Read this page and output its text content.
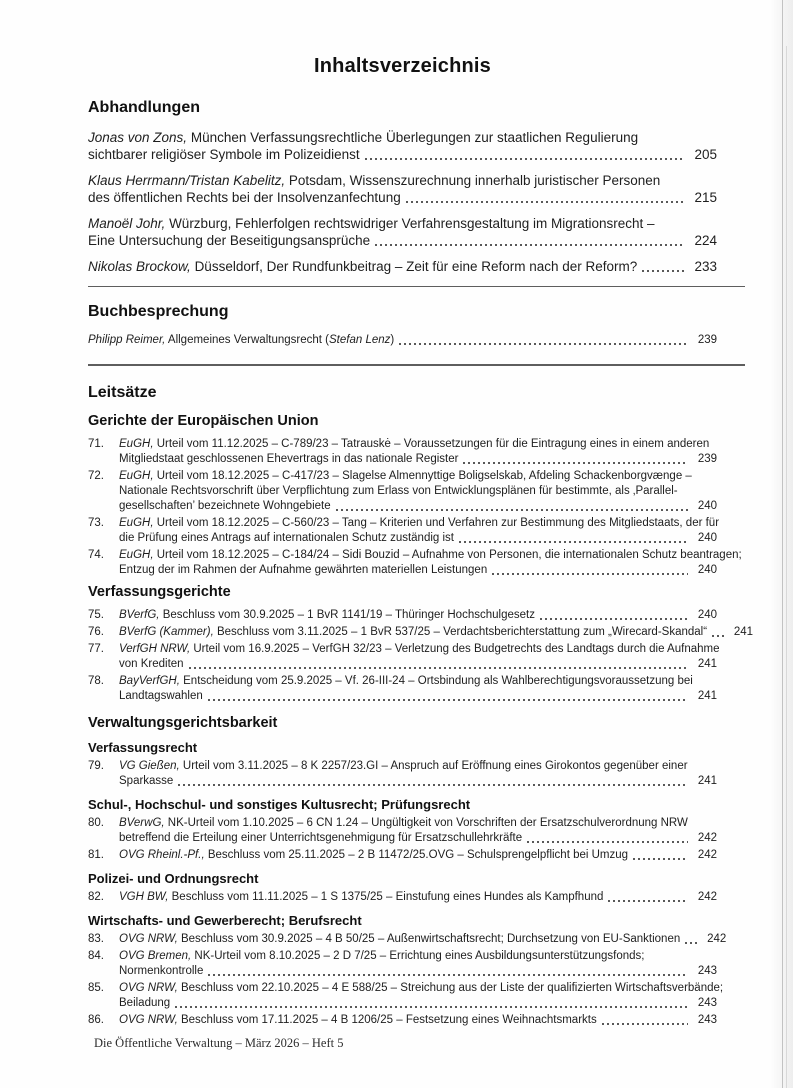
Inhaltsverzeichnis
Abhandlungen
Jonas von Zons, München Verfassungsrechtliche Überlegungen zur staatlichen Regulierung
sichtbarer religiöser Symbole im Polizeidienst	205
Klaus Herrmann/Tristan Kabelitz, Potsdam, Wissenszurechnung innerhalb juristischer Personen
des öffentlichen Rechts bei der Insolvenzanfechtung	215
Manoël Johr, Würzburg, Fehlerfolgen rechtswidriger Verfahrensgestaltung im Migrationsrecht –
Eine Untersuchung der Beseitigungsansprüche	224
Nikolas Brockow, Düsseldorf, Der Rundfunkbeitrag – Zeit für eine Reform nach der Reform?	233
Buchbesprechung
Philipp Reimer, Allgemeines Verwaltungsrecht (Stefan Lenz)	239
Leitsätze
Gerichte der Europäischen Union
71.	EuGH, Urteil vom 11.12.2025 – C-789/23 – Tatrauskė – Voraussetzungen für die Eintragung eines in einem anderen
Mitgliedstaat geschlossenen Ehevertrags in das nationale Register	239
72.	EuGH, Urteil vom 18.12.2025 – C-417/23 – Slagelse Almennyttige Boligselskab, Afdeling Schackenborgvænge –
Nationale Rechtsvorschrift über Verpflichtung zum Erlass von Entwicklungsplänen für bestimmte, als ‚Parallel-
gesellschaften’ bezeichnete Wohngebiete	240
73.	EuGH, Urteil vom 18.12.2025 – C-560/23 – Tang – Kriterien und Verfahren zur Bestimmung des Mitgliedstaats, der für
die Prüfung eines Antrags auf internationalen Schutz zuständig ist	240
74.	EuGH, Urteil vom 18.12.2025 – C-184/24 – Sidi Bouzid – Aufnahme von Personen, die internationalen Schutz beantragen;
Entzug der im Rahmen der Aufnahme gewährten materiellen Leistungen	240
Verfassungsgerichte
75.	BVerfG, Beschluss vom 30.9.2025 – 1 BvR 1141/19 – Thüringer Hochschulgesetz	240
76.	BVerfG (Kammer), Beschluss vom 3.11.2025 – 1 BvR 537/25 – Verdachtsberichterstattung zum „Wirecard-Skandal“	241
77.	VerfGH NRW, Urteil vom 16.9.2025 – VerfGH 32/23 – Verletzung des Budgetrechts des Landtags durch die Aufnahme
von Krediten	241
78.	BayVerfGH, Entscheidung vom 25.9.2025 – Vf. 26-III-24 – Ortsbindung als Wahlberechtigungsvoraussetzung bei
Landtagswahlen	241
Verwaltungsgerichtsbarkeit
Verfassungsrecht
79.	VG Gießen, Urteil vom 3.11.2025 – 8 K 2257/23.GI – Anspruch auf Eröffnung eines Girokontos gegenüber einer
Sparkasse	241
Schul-, Hochschul- und sonstiges Kultusrecht; Prüfungsrecht
80.	BVerwG, NK-Urteil vom 1.10.2025 – 6 CN 1.24 – Ungültigkeit von Vorschriften der Ersatzschulverordnung NRW
betreffend die Erteilung einer Unterrichtsgenehmigung für Ersatzschullehrkräfte	242
81.	OVG Rheinl.-Pf., Beschluss vom 25.11.2025 – 2 B 11472/25.OVG – Schulsprengelpflicht bei Umzug	242
Polizei- und Ordnungsrecht
82.	VGH BW, Beschluss vom 11.11.2025 – 1 S 1375/25 – Einstufung eines Hundes als Kampfhund	242
Wirtschafts- und Gewerberecht; Berufsrecht
83.	OVG NRW, Beschluss vom 30.9.2025 – 4 B 50/25 – Außenwirtschaftsrecht; Durchsetzung von EU-Sanktionen	242
84.	OVG Bremen, NK-Urteil vom 8.10.2025 – 2 D 7/25 – Errichtung eines Ausbildungsunterstützungsfonds;
Normenkontrolle	243
85.	OVG NRW, Beschluss vom 22.10.2025 – 4 E 588/25 – Streichung aus der Liste der qualifizierten Wirtschaftsverbände;
Beiladung	243
86.	OVG NRW, Beschluss vom 17.11.2025 – 4 B 1206/25 – Festsetzung eines Weihnachtsmarkts	243
Die Öffentliche Verwaltung – März 2026 – Heft 5
